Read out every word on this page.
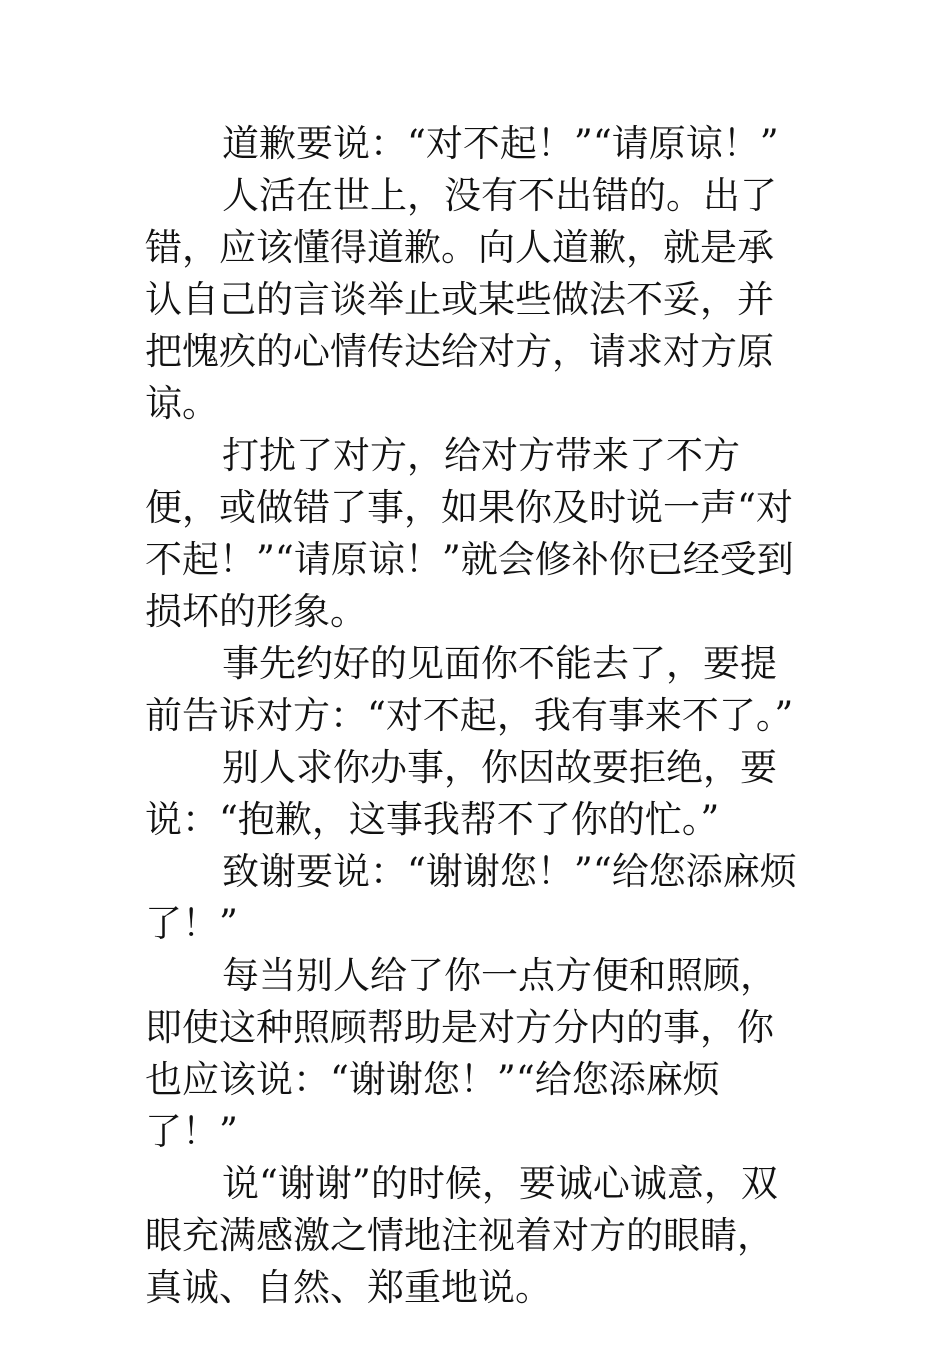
道歉要说：“对不起！”“请原谅！”

人活在世上，没有不出错的。出了错，应该懂得道歉。向人道歉，就是承认自己的言谈举止或某些做法不妥，并把愧疚的心情传达给对方，请求对方原谅。

打扰了对方，给对方带来了不方便，或做错了事，如果你及时说一声“对不起！”“请原谅！”就会修补你已经受到损坏的形象。

事先约好的见面你不能去了，要提前告诉对方：“对不起，我有事来不了。”

别人求你办事，你因故要拒绝，要说：“抱歉，这事我帮不了你的忙。”

致谢要说：“谢谢您！”“给您添麻烦了！”

每当别人给了你一点方便和照顾，即使这种照顾帮助是对方分内的事，你也应该说：“谢谢您！”“给您添麻烦了！”

说“谢谢”的时候，要诚心诚意，双眼充满感激之情地注视着对方的眼睛，真诚、自然、郑重地说。
